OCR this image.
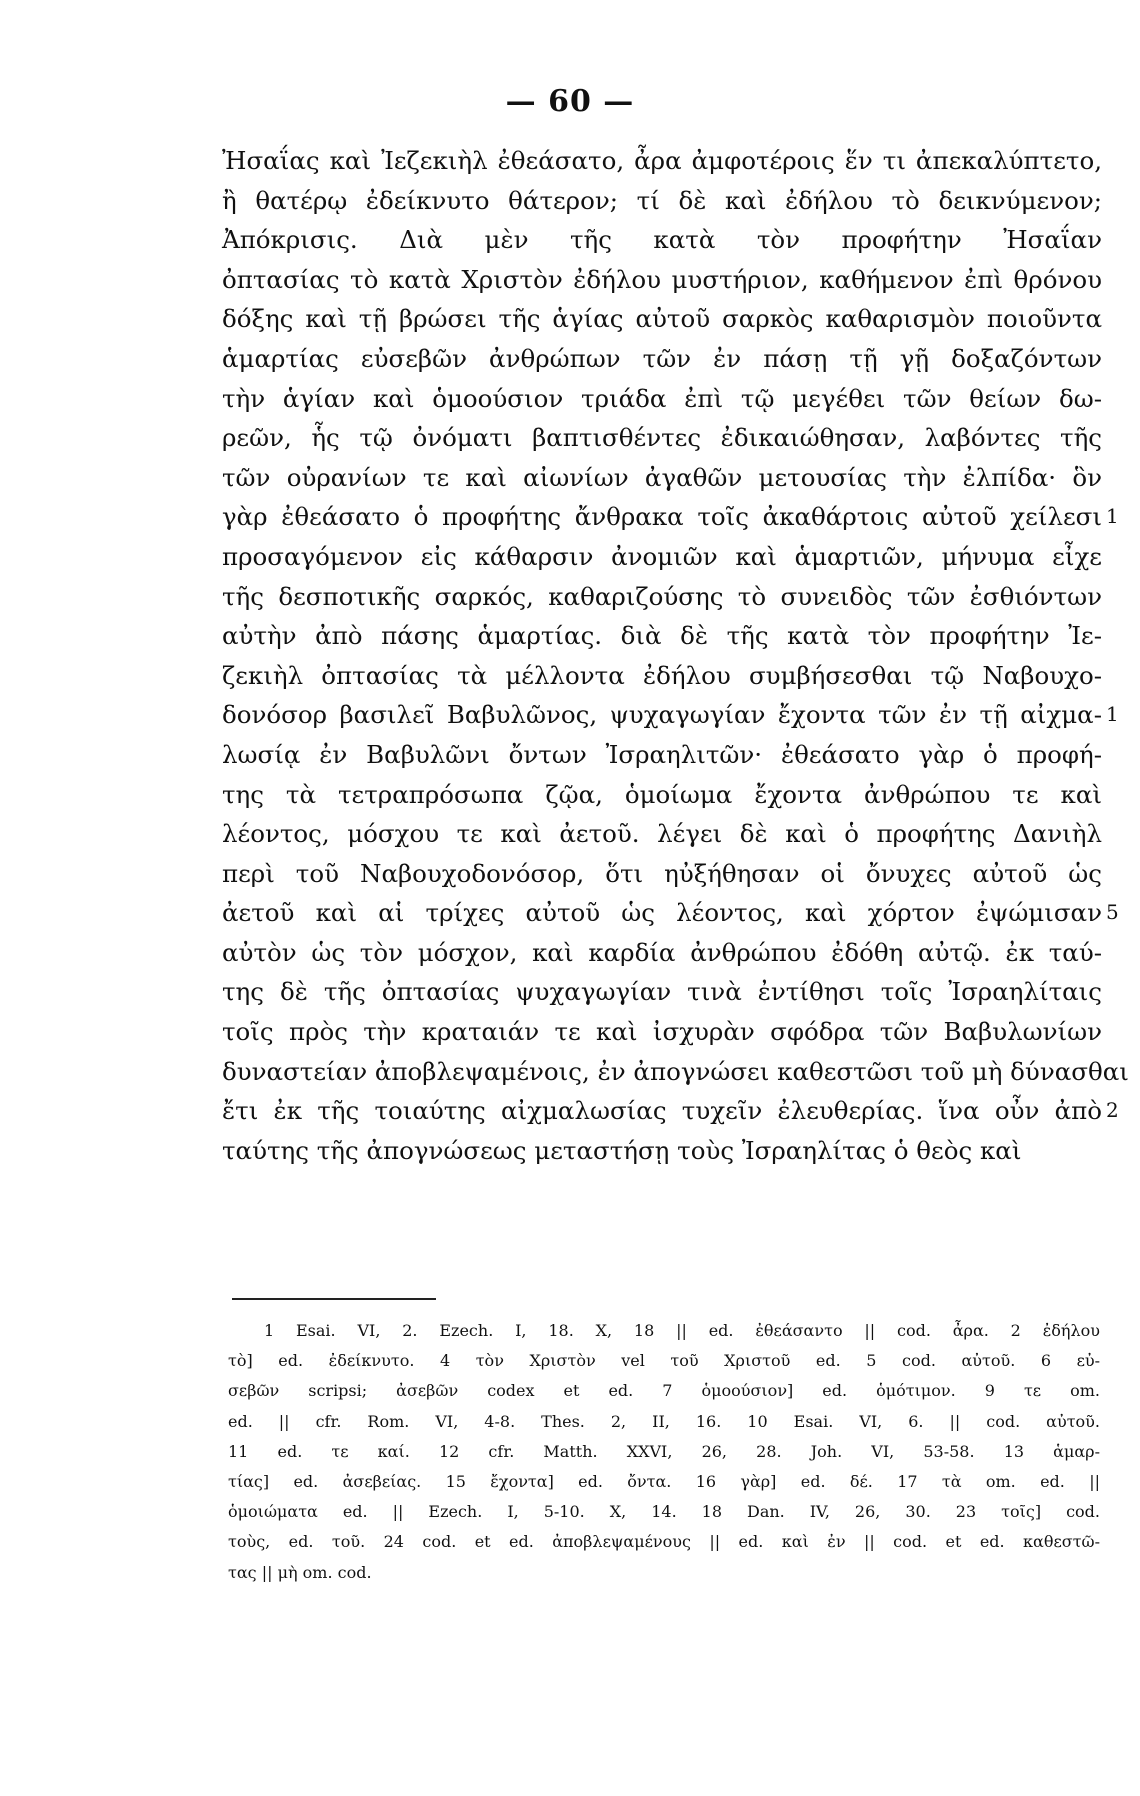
— 60 —
Ἠσαΐας καὶ Ἰεζεκιὴλ ἐθεάσατο, ἆρα ἀμφοτέροις ἕν τι ἀπεκαλύπτετο,
ἢ θατέρῳ ἐδείκνυτο θάτερον; τί δὲ καὶ ἐδήλου τὸ δεικνύμενον;
Ἀπόκρισις. Διὰ μὲν τῆς κατὰ τὸν προφήτην Ἠσαΐαν
ὀπτασίας τὸ κατὰ Χριστὸν ἐδήλου μυστήριον, καθήμενον ἐπὶ θρόνου
δόξης καὶ τῇ βρώσει τῆς ἁγίας αὐτοῦ σαρκὸς καθαρισμὸν ποιοῦντα
ἁμαρτίας εὐσεβῶν ἀνθρώπων τῶν ἐν πάσῃ τῇ γῇ δοξαζόντων
τὴν ἁγίαν καὶ ὁμοούσιον τριάδα ἐπὶ τῷ μεγέθει τῶν θείων δω-
ρεῶν, ἧς τῷ ὀνόματι βαπτισθέντες ἐδικαιώθησαν, λαβόντες τῆς
τῶν οὐρανίων τε καὶ αἰωνίων ἀγαθῶν μετουσίας τὴν ἐλπίδα· ὃν
γὰρ ἐθεάσατο ὁ προφήτης ἄνθρακα τοῖς ἀκαθάρτοις αὐτοῦ χείλεσι
προσαγόμενον εἰς κάθαρσιν ἀνομιῶν καὶ ἁμαρτιῶν, μήνυμα εἶχε
τῆς δεσποτικῆς σαρκός, καθαριζούσης τὸ συνειδὸς τῶν ἐσθιόντων
αὐτὴν ἀπὸ πάσης ἁμαρτίας. διὰ δὲ τῆς κατὰ τὸν προφήτην Ἰε-
ζεκιὴλ ὀπτασίας τὰ μέλλοντα ἐδήλου συμβήσεσθαι τῷ Ναβουχο-
δονόσορ βασιλεῖ Βαβυλῶνος, ψυχαγωγίαν ἔχοντα τῶν ἐν τῇ αἰχμα-
λωσίᾳ ἐν Βαβυλῶνι ὄντων Ἰσραηλιτῶν· ἐθεάσατο γὰρ ὁ προφή-
της τὰ τετραπρόσωπα ζῷα, ὁμοίωμα ἔχοντα ἀνθρώπου τε καὶ
λέοντος, μόσχου τε καὶ ἀετοῦ. λέγει δὲ καὶ ὁ προφήτης Δανιὴλ
περὶ τοῦ Ναβουχοδονόσορ, ὅτι ηὐξήθησαν οἱ ὄνυχες αὐτοῦ ὡς
ἀετοῦ καὶ αἱ τρίχες αὐτοῦ ὡς λέοντος, καὶ χόρτον ἐψώμισαν
αὐτὸν ὡς τὸν μόσχον, καὶ καρδία ἀνθρώπου ἐδόθη αὐτῷ. ἐκ ταύ-
της δὲ τῆς ὀπτασίας ψυχαγωγίαν τινὰ ἐντίθησι τοῖς Ἰσραηλίταις
τοῖς πρὸς τὴν κραταιάν τε καὶ ἰσχυρὰν σφόδρα τῶν Βαβυλωνίων
δυναστείαν ἀποβλεψαμένοις, ἐν ἀπογνώσει καθεστῶσι τοῦ μὴ δύνασθαι
ἔτι ἐκ τῆς τοιαύτης αἰχμαλωσίας τυχεῖν ἐλευθερίας. ἵνα οὖν ἀπὸ
ταύτης τῆς ἀπογνώσεως μεταστήσῃ τοὺς Ἰσραηλίτας ὁ θεὸς καὶ
1
1
5
2
1 Esai. VI, 2. Ezech. I, 18. X, 18 || ed. ἐθεάσαντο || cod. ἆρα. 2 ἐδήλου
τὸ] ed. ἐδείκνυτο. 4 τὸν Χριστὸν vel τοῦ Χριστοῦ ed. 5 cod. αὐτοῦ. 6 εὐ-
σεβῶν scripsi; ἀσεβῶν codex et ed. 7 ὁμοούσιον] ed. ὁμότιμον. 9 τε om.
ed. || cfr. Rom. VI, 4-8. Thes. 2, II, 16. 10 Esai. VI, 6. || cod. αὐτοῦ.
11 ed. τε καί. 12 cfr. Matth. XXVI, 26, 28. Joh. VI, 53-58. 13 ἁμαρ-
τίας] ed. ἀσεβείας. 15 ἔχοντα] ed. ὄντα. 16 γὰρ] ed. δέ. 17 τὰ om. ed. ||
ὁμοιώματα ed. || Ezech. I, 5-10. X, 14. 18 Dan. IV, 26, 30. 23 τοῖς] cod.
τοὺς, ed. τοῦ. 24 cod. et ed. ἀποβλεψαμένους || ed. καὶ ἐν || cod. et ed. καθεστῶ-
τας || μὴ om. cod.
